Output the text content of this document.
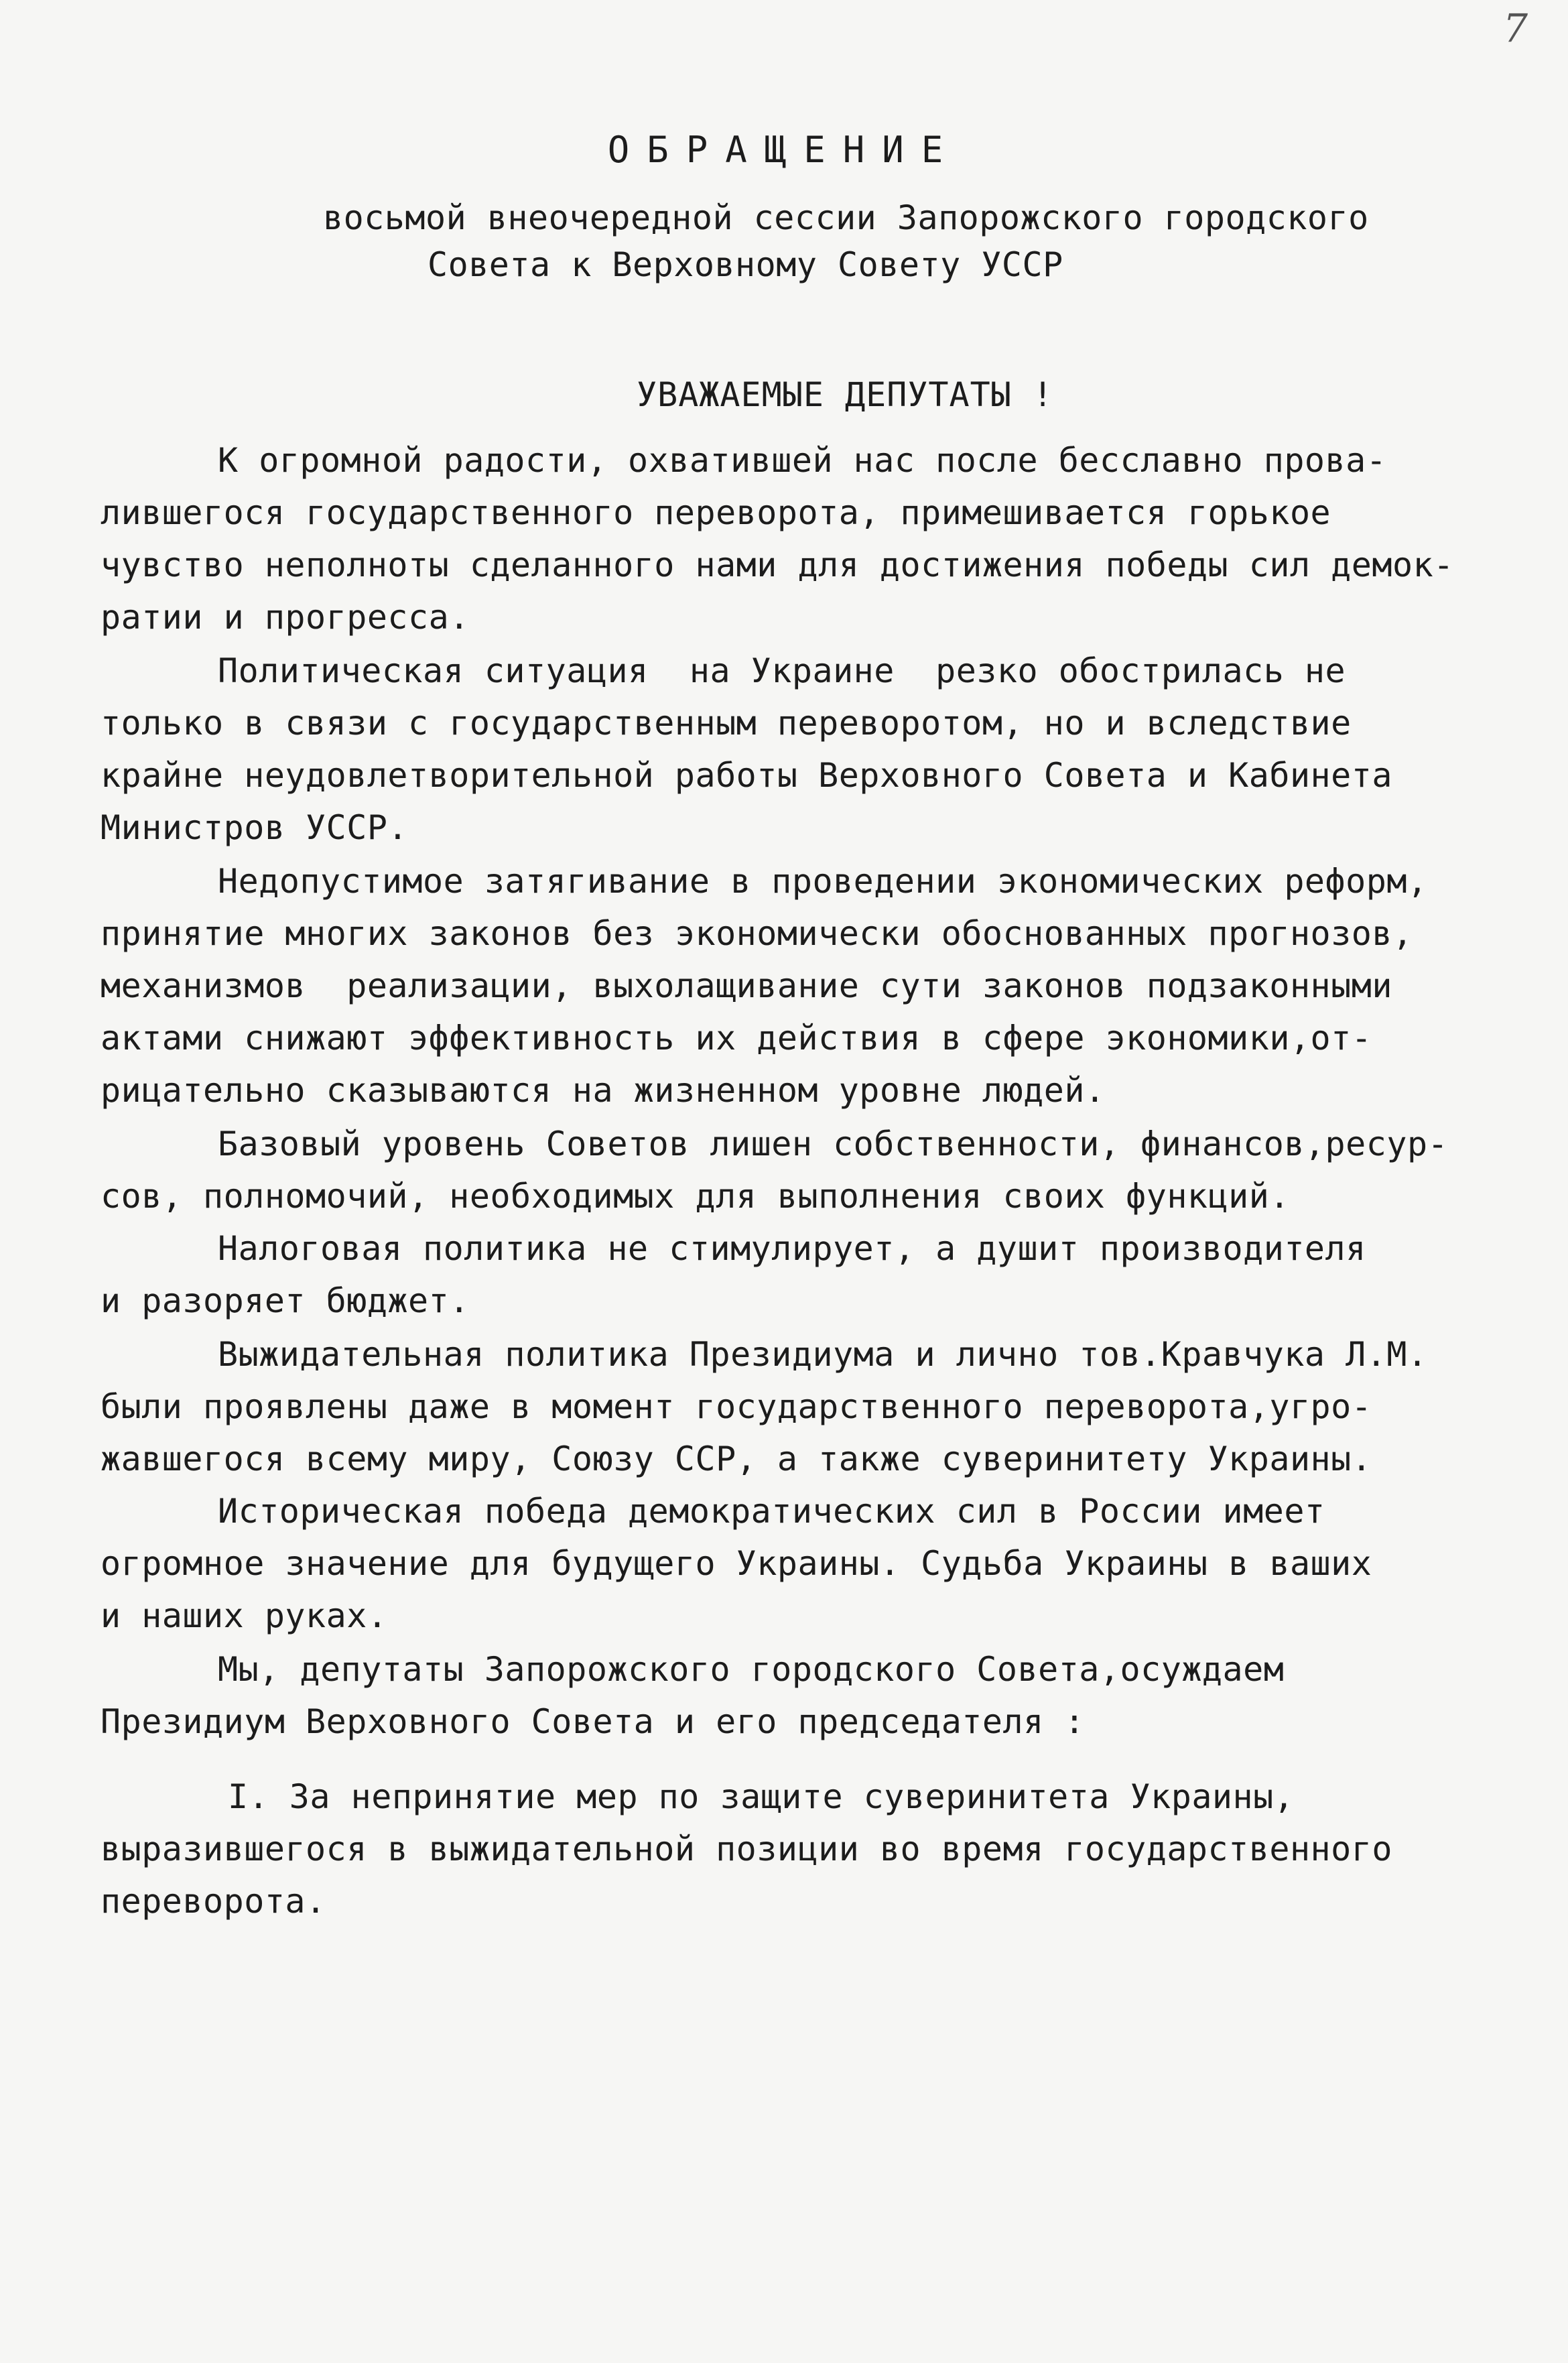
7
ОБРАЩЕНИЕ
восьмой внеочередной сессии Запорожского городского
Совета к Верховному Совету УССР
УВАЖАЕМЫЕ ДЕПУТАТЫ !
К огромной радости, охватившей нас после бесславно прова-
лившегося государственного переворота, примешивается горькое
чувство неполноты сделанного нами для достижения победы сил демок-
ратии и прогресса.
Политическая ситуация  на Украине  резко обострилась не
только в связи с государственным переворотом, но и вследствие
крайне неудовлетворительной работы Верховного Совета и Кабинета
Министров УССР.
Недопустимое затягивание в проведении экономических реформ,
принятие многих законов без экономически обоснованных прогнозов,
механизмов  реализации, выхолащивание сути законов подзаконными
актами снижают эффективность их действия в сфере экономики,от-
рицательно сказываются на жизненном уровне людей.
Базовый уровень Советов лишен собственности, финансов,ресур-
сов, полномочий, необходимых для выполнения своих функций.
Налоговая политика не стимулирует, а душит производителя
и разоряет бюджет.
Выжидательная политика Президиума и лично тов.Кравчука Л.М.
были проявлены даже в момент государственного переворота,угро-
жавшегося всему миру, Союзу ССР, а также суверинитету Украины.
Историческая победа демократических сил в России имеет
огромное значение для будущего Украины. Судьба Украины в ваших
и наших руках.
Мы, депутаты Запорожского городского Совета,осуждаем
Президиум Верховного Совета и его председателя :
I. За непринятие мер по защите суверинитета Украины,
выразившегося в выжидательной позиции во время государственного
переворота.
